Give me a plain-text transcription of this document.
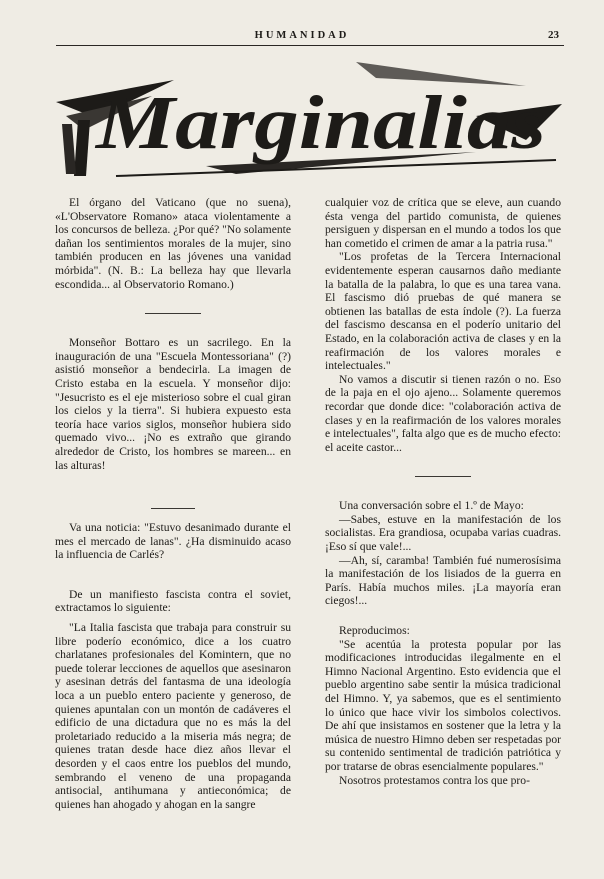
HUMANIDAD	23
Marginalias

El órgano del Vaticano (que no suena), «L'Observatore Romano» ataca violentamente a los concursos de belleza. ¿Por qué? "No solamente dañan los sentimientos morales de la mujer, sino también producen en las jóvenes una vanidad mórbida". (N. B.: La belleza hay que llevarla escondida... al Observatorio Romano.)

Monseñor Bottaro es un sacrilego. En la inauguración de una "Escuela Montessoriana" (?) asistió monseñor a bendecirla. La imagen de Cristo estaba en la escuela. Y monseñor dijo: "Jesucristo es el eje misterioso sobre el cual giran los cielos y la tierra". Si hubiera expuesto esta teoría hace varios siglos, monseñor hubiera sido quemado vivo... ¡No es extraño que girando alrededor de Cristo, los hombres se mareen... en las alturas!

Va una noticia: "Estuvo desanimado durante el mes el mercado de lanas". ¿Ha disminuido acaso la influencia de Carlés?

De un manifiesto fascista contra el soviet, extractamos lo siguiente:

"La Italia fascista que trabaja para construir su libre poderío económico, dice a los cuatro charlatanes profesionales del Komintern, que no puede tolerar lecciones de aquellos que asesinaron y asesinan detrás del fantasma de una ideología loca a un pueblo entero paciente y generoso, de quienes apuntalan con un montón de cadáveres el edificio de una dictadura que no es más la del proletariado reducido a la miseria más negra; de quienes tratan desde hace diez años llevar el desorden y el caos entre los pueblos del mundo, sembrando el veneno de una propaganda antisocial, antihumana y antieconómica; de quienes han ahogado y ahogan en la sangre

cualquier voz de crítica que se eleve, aun cuando ésta venga del partido comunista, de quienes persiguen y dispersan en el mundo a todos los que han cometido el crimen de amar a la patria rusa."

"Los profetas de la Tercera Internacional evidentemente esperan causarnos daño mediante la batalla de la palabra, lo que es una tarea vana. El fascismo dió pruebas de qué manera se obtienen las batallas de esta índole (?). La fuerza del fascismo descansa en el poderío unitario del Estado, en la colaboración activa de clases y en la reafirmación de los valores morales e intelectuales."

No vamos a discutir si tienen razón o no. Eso de la paja en el ojo ajeno... Solamente queremos recordar que donde dice: "colaboración activa de clases y en la reafirmación de los valores morales e intelectuales", falta algo que es de mucho efecto: el aceite castor...

Una conversación sobre el 1.º de Mayo:

—Sabes, estuve en la manifestación de los socialistas. Era grandiosa, ocupaba varias cuadras. ¡Eso sí que vale!...

—Ah, sí, caramba! También fué numerosísima la manifestación de los lisiados de la guerra en París. Había muchos miles. ¡La mayoría eran ciegos!...

Reproducimos:

"Se acentúa la protesta popular por las modificaciones introducidas ilegalmente en el Himno Nacional Argentino. Esto evidencia que el pueblo argentino sabe sentir la música tradicional del Himno. Y, ya sabemos, que es el sentimiento lo único que hace vivir los simbolos colectivos. De ahí que insistamos en sostener que la letra y la música de nuestro Himno deben ser respetadas por su contenido sentimental de tradición patriótica y por tratarse de obras esencialmente populares."

Nosotros protestamos contra los que pro-
